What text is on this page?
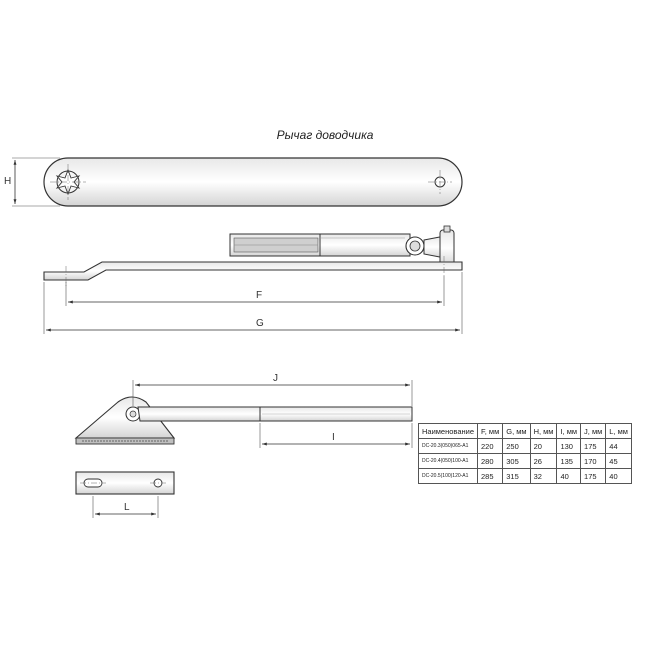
Рычаг доводчика
H
F
G
J
I
L
Наименование	F, мм	G, мм	H, мм	I, мм	J, мм	L, мм
DC-20.3(050)065-A1	220	250	20	130	175	44
DC-20.4(050)100-A1	280	305	26	135	170	45
DC-20.5(100)120-A1	285	315	32	40	175	40
